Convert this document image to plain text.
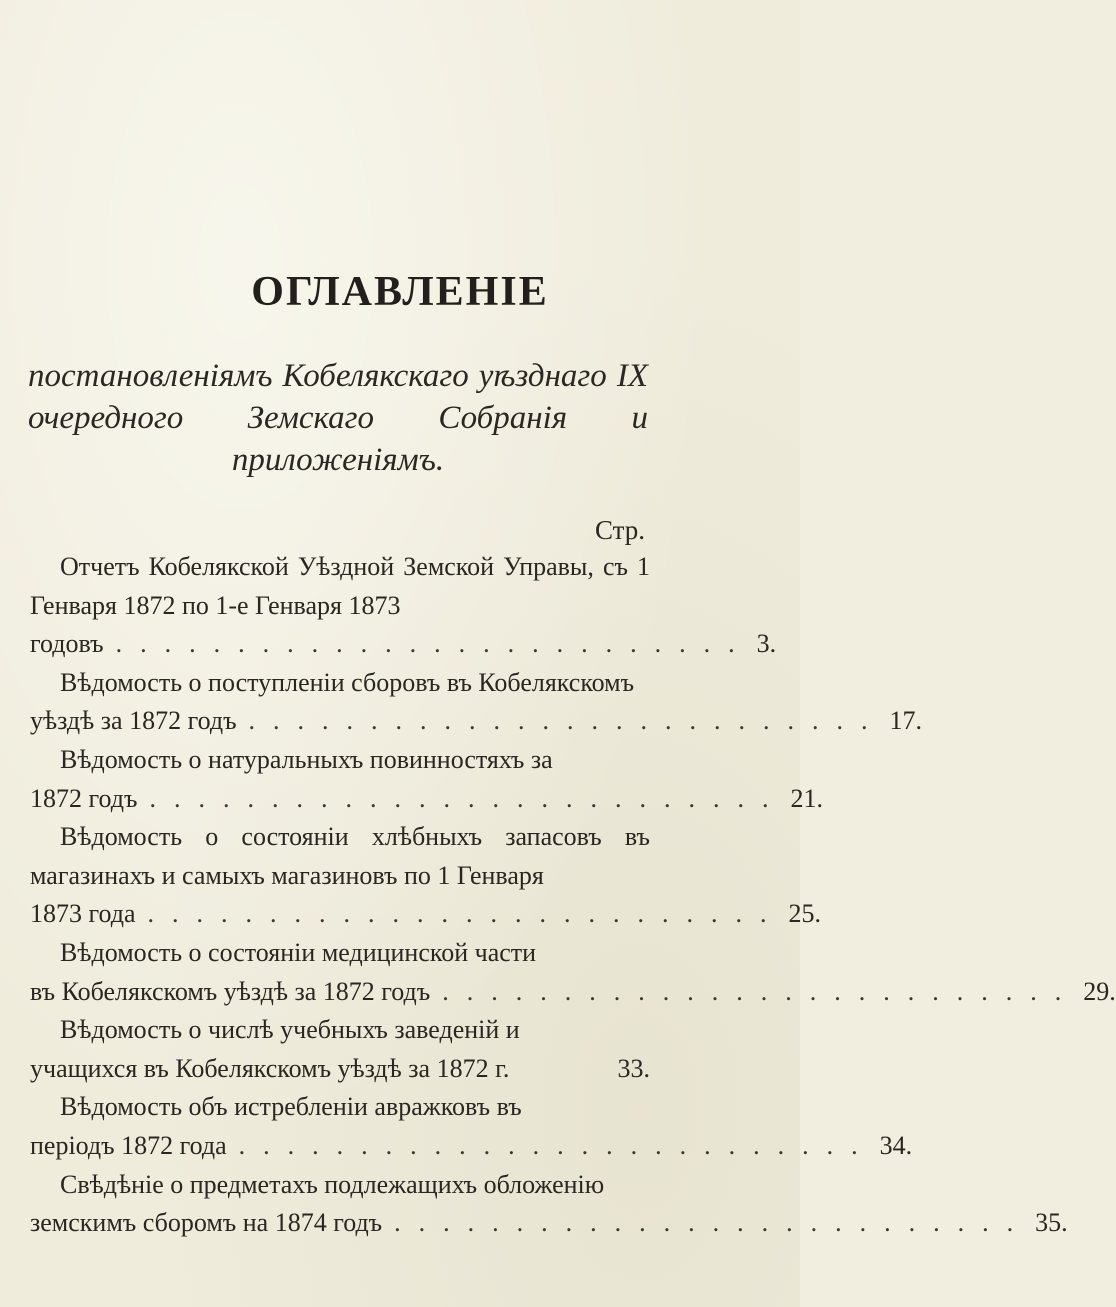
ОГЛАВЛЕНІЕ
постановленіямъ Кобелякскаго уѣзднаго IX очередного Земскаго Собранія и приложеніямъ.
Стр.
Отчетъ Кобелякской Уѣздной Земской Управы, съ 1 Генваря 1872 по 1-е Генваря 1873
годовъ .......................... 3.
Вѣдомость о поступленіи сборовъ въ Кобелякскомъ
уѣздѣ за 1872 годъ .......................... 17.
Вѣдомость о натуральныхъ повинностяхъ за
1872 годъ .......................... 21.
Вѣдомость о состояніи хлѣбныхъ запасовъ въ магазинахъ и самыхъ магазиновъ по 1 Генваря
1873 года .......................... 25.
Вѣдомость о состояніи медицинской части
въ Кобелякскомъ уѣздѣ за 1872 годъ .......................... 29.
Вѣдомость о числѣ учебныхъ заведеній и
учащихся въ Кобелякскомъ уѣздѣ за 1872 г.	33.
Вѣдомость объ истребленіи авражковъ въ
періодъ 1872 года .......................... 34.
Свѣдѣніе о предметахъ подлежащихъ обложенію
земскимъ сборомъ на 1874 годъ .......................... 35.
